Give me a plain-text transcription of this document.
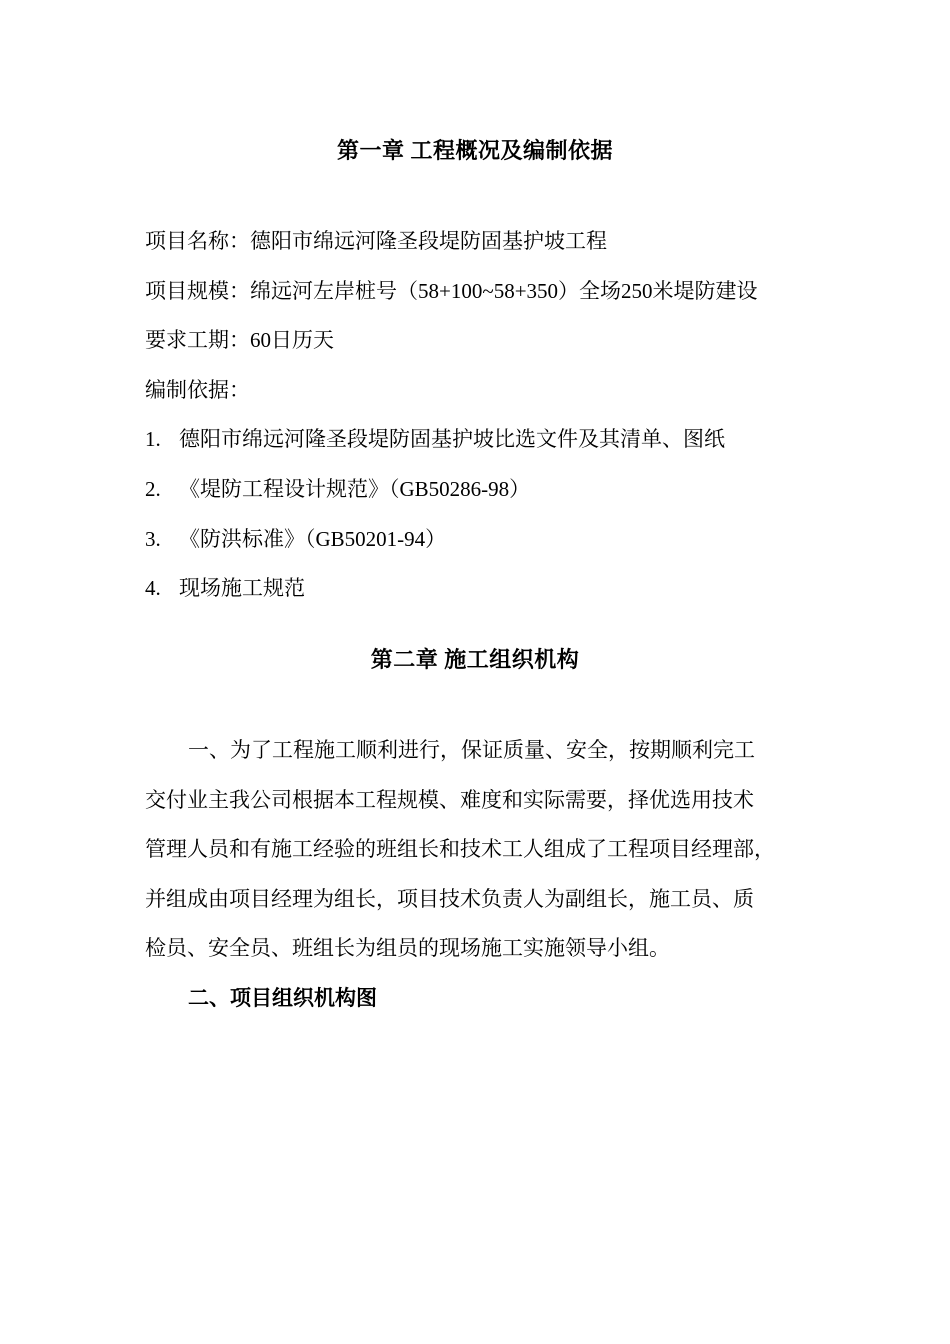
第一章 工程概况及编制依据
项目名称：德阳市绵远河隆圣段堤防固基护坡工程
项目规模：绵远河左岸桩号（58+100~58+350）全场250米堤防建设
要求工期：60日历天
编制依据：
1. 德阳市绵远河隆圣段堤防固基护坡比选文件及其清单、图纸
2. 《堤防工程设计规范》（GB50286-98）
3. 《防洪标准》（GB50201-94）
4. 现场施工规范
第二章 施工组织机构
一、为了工程施工顺利进行，保证质量、安全，按期顺利完工
交付业主我公司根据本工程规模、难度和实际需要，择优选用技术
管理人员和有施工经验的班组长和技术工人组成了工程项目经理部，
并组成由项目经理为组长，项目技术负责人为副组长，施工员、质
检员、安全员、班组长为组员的现场施工实施领导小组。
二、项目组织机构图
